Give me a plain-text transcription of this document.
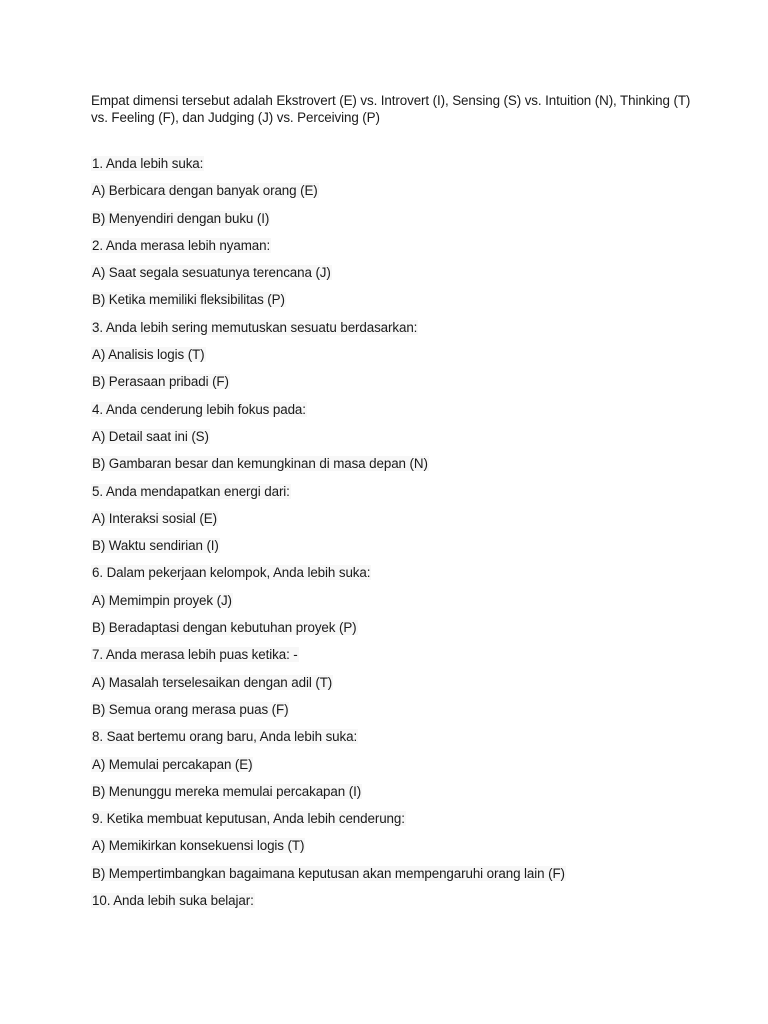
Empat dimensi tersebut adalah Ekstrovert (E) vs. Introvert (I), Sensing (S) vs. Intuition (N), Thinking (T) vs. Feeling (F), dan Judging (J) vs. Perceiving (P)

1. Anda lebih suka:
A) Berbicara dengan banyak orang (E)
B) Menyendiri dengan buku (I)
2. Anda merasa lebih nyaman:
A) Saat segala sesuatunya terencana (J)
B) Ketika memiliki fleksibilitas (P)
3. Anda lebih sering memutuskan sesuatu berdasarkan:
A) Analisis logis (T)
B) Perasaan pribadi (F)
4. Anda cenderung lebih fokus pada:
A) Detail saat ini (S)
B) Gambaran besar dan kemungkinan di masa depan (N)
5. Anda mendapatkan energi dari:
A) Interaksi sosial (E)
B) Waktu sendirian (I)
6. Dalam pekerjaan kelompok, Anda lebih suka:
A) Memimpin proyek (J)
B) Beradaptasi dengan kebutuhan proyek (P)
7. Anda merasa lebih puas ketika: -
A) Masalah terselesaikan dengan adil (T)
B) Semua orang merasa puas (F)
8. Saat bertemu orang baru, Anda lebih suka:
A) Memulai percakapan (E)
B) Menunggu mereka memulai percakapan (I)
9. Ketika membuat keputusan, Anda lebih cenderung:
A) Memikirkan konsekuensi logis (T)
B) Mempertimbangkan bagaimana keputusan akan mempengaruhi orang lain (F)
10. Anda lebih suka belajar:
